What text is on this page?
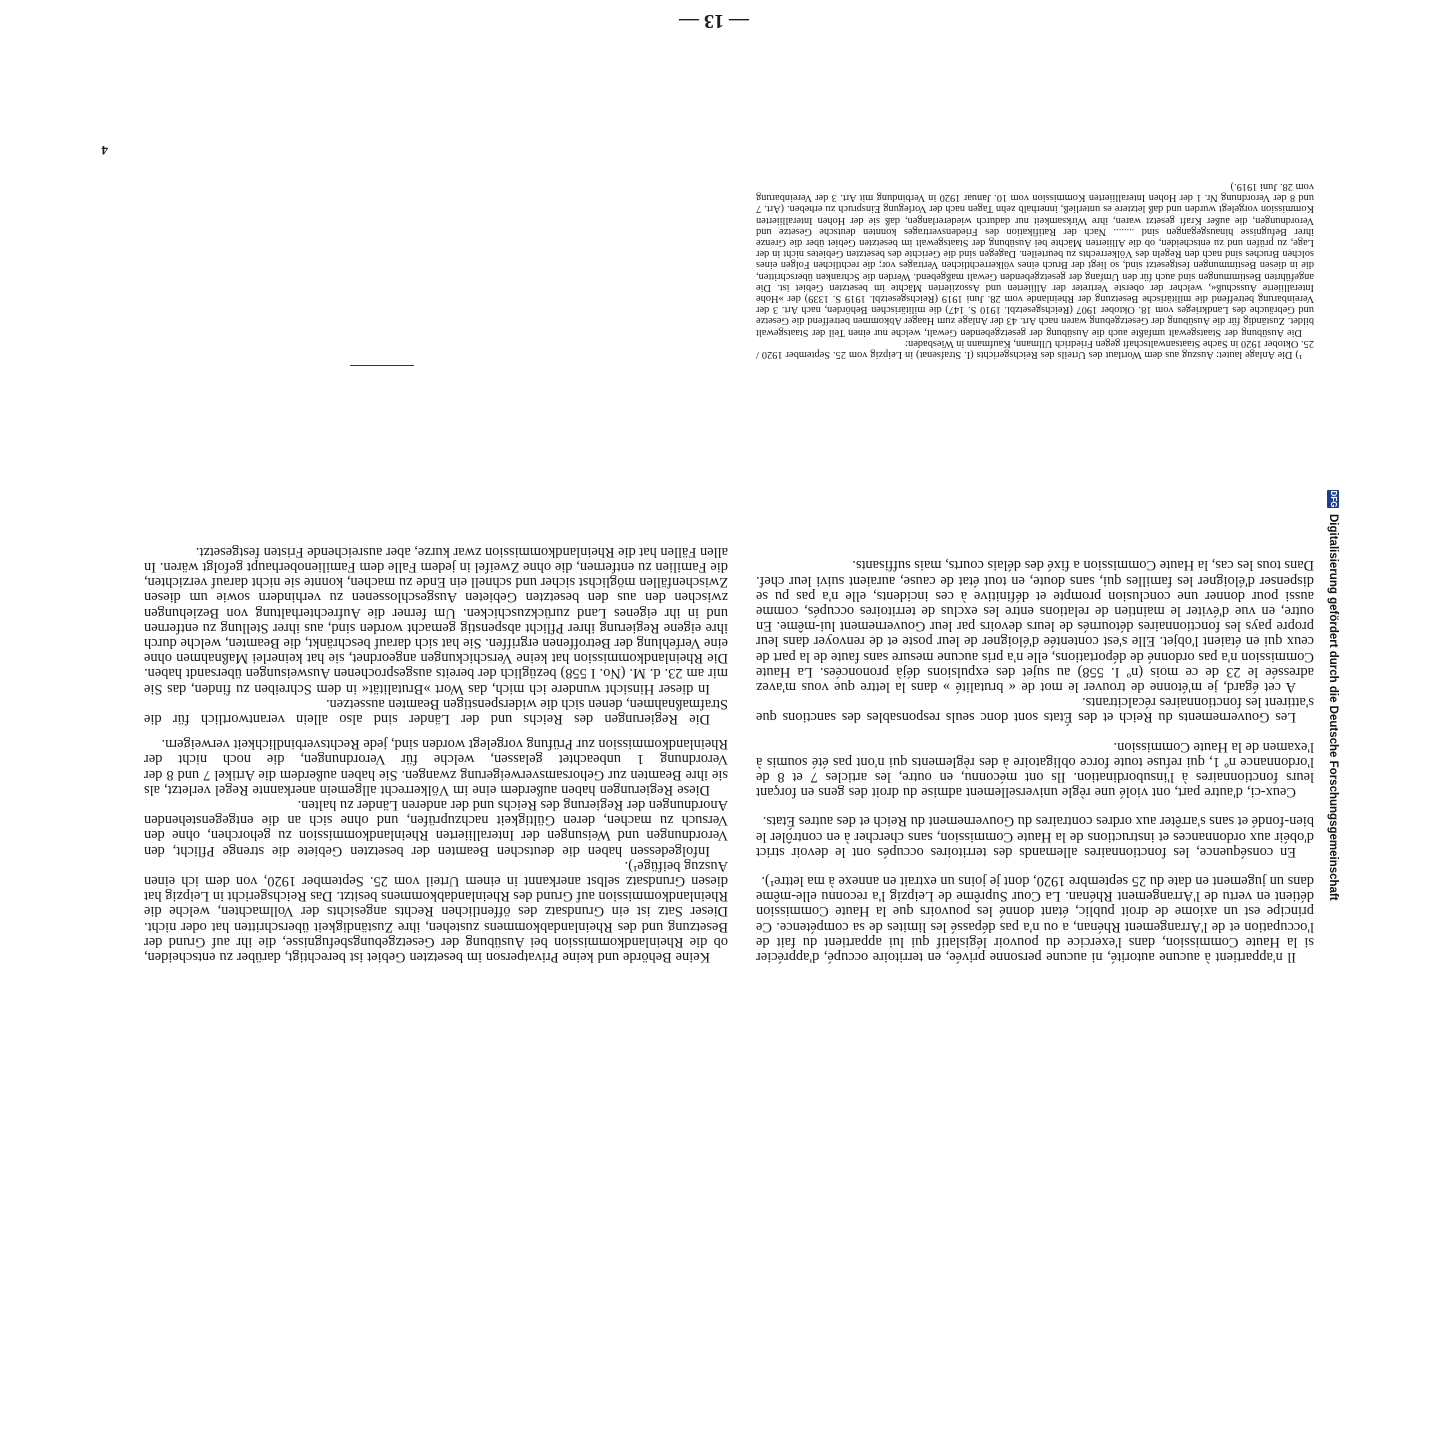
— 13 —

Il n'appartient à aucune autorité, ni aucune personne privée, en territoire occupé, d'apprécier si la Haute Commission, dans l'exercice du pouvoir législatif qui lui appartient du fait de l'occupation et de l'Arrangement Rhénan, a ou n'a pas dépassé les limites de sa compétence. Ce principe est un axiome de droit public, étant donné les pouvoirs que la Haute Commission détient en vertu de l'Arrangement Rhénan. La Cour Suprême de Leipzig l'a reconnu elle-même dans un jugement en date du 25 septembre 1920, dont je joins un extrait en annexe à ma lettre¹).

En conséquence, les fonctionnaires allemands des territoires occupés ont le devoir strict d'obéir aux ordonnances et instructions de la Haute Commission, sans chercher à en contrôler le bien-fondé et sans s'arrêter aux ordres contraires du Gouvernement du Reich et des autres États.

Ceux-ci, d'autre part, ont violé une règle universellement admise du droit des gens en forçant leurs fonctionnaires à l'insubordination. Ils ont méconnu, en outre, les articles 7 et 8 de l'ordonnance nº 1, qui refuse toute force obligatoire à des règlements qui n'ont pas été soumis à l'examen de la Haute Commission.

Les Gouvernements du Reich et des États sont donc seuls responsables des sanctions que s'attirent les fonctionnaires récalcitrants.

A cet égard, je m'étonne de trouver le mot de « brutalité » dans la lettre que vous m'avez adressée le 23 de ce mois (nº I. 558) au sujet des expulsions déjà prononcées. La Haute Commission n'a pas ordonné de déportations, elle n'a pris aucune mesure sans faute de la part de ceux qui en étaient l'objet. Elle s'est contentée d'éloigner de leur poste et de renvoyer dans leur propre pays les fonctionnaires détournés de leurs devoirs par leur Gouvernement lui-même. En outre, en vue d'éviter le maintien de relations entre les exclus de territoires occupés, comme aussi pour donner une conclusion prompte et définitive à ces incidents, elle n'a pas pu se dispenser d'éloigner les familles qui, sans doute, en tout état de cause, auraient suivi leur chef. Dans tous les cas, la Haute Commission a fixé des délais courts, mais suffisants.

Keine Behörde und keine Privatperson im besetzten Gebiet ist berechtigt, darüber zu entscheiden, ob die Rheinlandkommission bei Ausübung der Gesetzgebungsbefugnisse, die ihr auf Grund der Besetzung und des Rheinlandabkommens zustehen, ihre Zuständigkeit überschritten hat oder nicht. Dieser Satz ist ein Grundsatz des öffentlichen Rechts angesichts der Vollmachten, welche die Rheinlandkommission auf Grund des Rheinlandabkommens besitzt. Das Reichsgericht in Leipzig hat diesen Grundsatz selbst anerkannt in einem Urteil vom 25. September 1920, von dem ich einen Auszug beifüge¹).

Infolgedessen haben die deutschen Beamten der besetzten Gebiete die strenge Pflicht, den Verordnungen und Weisungen der Interalliierten Rheinlandkommission zu gehorchen, ohne den Versuch zu machen, deren Gültigkeit nachzuprüfen, und ohne sich an die entgegenstehenden Anordnungen der Regierung des Reichs und der anderen Länder zu halten.

Diese Regierungen haben außerdem eine im Völkerrecht allgemein anerkannte Regel verletzt, als sie ihre Beamten zur Gehorsamsverweigerung zwangen. Sie haben außerdem die Artikel 7 und 8 der Verordnung 1 unbeachtet gelassen, welche für Verordnungen, die noch nicht der Rheinlandkommission zur Prüfung vorgelegt worden sind, jede Rechtsverbindlichkeit verweigern.

Die Regierungen des Reichs und der Länder sind also allein verantwortlich für die Strafmaßnahmen, denen sich die widerspenstigen Beamten aussetzen.

In dieser Hinsicht wundere ich mich, das Wort »Brutalität« in dem Schreiben zu finden, das Sie mir am 23. d. M. (No. I 558) bezüglich der bereits ausgesprochenen Ausweisungen übersandt haben. Die Rheinlandkommission hat keine Verschickungen angeordnet, sie hat keinerlei Maßnahmen ohne eine Verfehlung der Betroffenen ergriffen. Sie hat sich darauf beschränkt, die Beamten, welche durch ihre eigene Regierung ihrer Pflicht abspenstig gemacht worden sind, aus ihrer Stellung zu entfernen und in ihr eigenes Land zurückzuschicken. Um ferner die Aufrechterhaltung von Beziehungen zwischen den aus den besetzten Gebieten Ausgeschlossenen zu verhindern sowie um diesen Zwischenfällen möglichst sicher und schnell ein Ende zu machen, konnte sie nicht darauf verzichten, die Familien zu entfernen, die ohne Zweifel in jedem Falle dem Familienoberhaupt gefolgt wären. In allen Fällen hat die Rheinlandkommission zwar kurze, aber ausreichende Fristen festgesetzt.

¹) Die Anlage lautet: Auszug aus dem Wortlaut des Urteils des Reichsgerichts (I. Strafsenat) in Leipzig vom 25. September 1920 / 25. Oktober 1920 in Sache Staatsanwaltschaft gegen Friedrich Ullmann, Kaufmann in Wiesbaden:

Die Ausübung der Staatsgewalt umfaßte auch die Ausübung der gesetzgebenden Gewalt, welche nur einen Teil der Staatsgewalt bildet. Zuständig für die Ausübung der Gesetzgebung waren nach Art. 43 der Anlage zum Haager Abkommen betreffend die Gesetze und Gebräuche des Landkrieges vom 18. Oktober 1907 (Reichsgesetzbl. 1910 S. 147) die militärischen Behörden, nach Art. 3 der Vereinbarung betreffend die militärische Besetzung der Rheinlande vom 28. Juni 1919 (Reichsgesetzbl. 1919 S. 1339) der »Hohe Interalliierte Ausschuß«, welcher der oberste Vertreter der Alliierten und Assoziierten Mächte im besetzten Gebiet ist. Die angeführten Bestimmungen sind auch für den Umfang der gesetzgebenden Gewalt maßgebend. Werden die Schranken überschritten, die in diesen Bestimmungen festgesetzt sind, so liegt der Bruch eines völkerrechtlichen Vertrages vor; die rechtlichen Folgen eines solchen Bruches sind nach den Regeln des Völkerrechts zu beurteilen. Dagegen sind die Gerichte des besetzten Gebietes nicht in der Lage, zu prüfen und zu entscheiden, ob die Alliierten Mächte bei Ausübung der Staatsgewalt im besetzten Gebiet über die Grenze ihrer Befugnisse hinausgegangen sind ........ Nach der Ratifikation des Friedensvertrages konnten deutsche Gesetze und Verordnungen, die außer Kraft gesetzt waren, ihre Wirksamkeit nur dadurch wiedererlangen, daß sie der Hohen Interalliierten Kommission vorgelegt wurden und daß letztere es unterließ, innerhalb zehn Tagen nach der Vorlegung Einspruch zu erheben. (Art. 7 und 8 der Verordnung Nr. 1 der Hohen Interalliierten Kommission vom 10. Januar 1920 in Verbindung mit Art. 3 der Vereinbarung vom 28. Juni 1919.)

4
DFG
Digitalisierung gefördert durch die Deutsche Forschungsgemeinschaft
